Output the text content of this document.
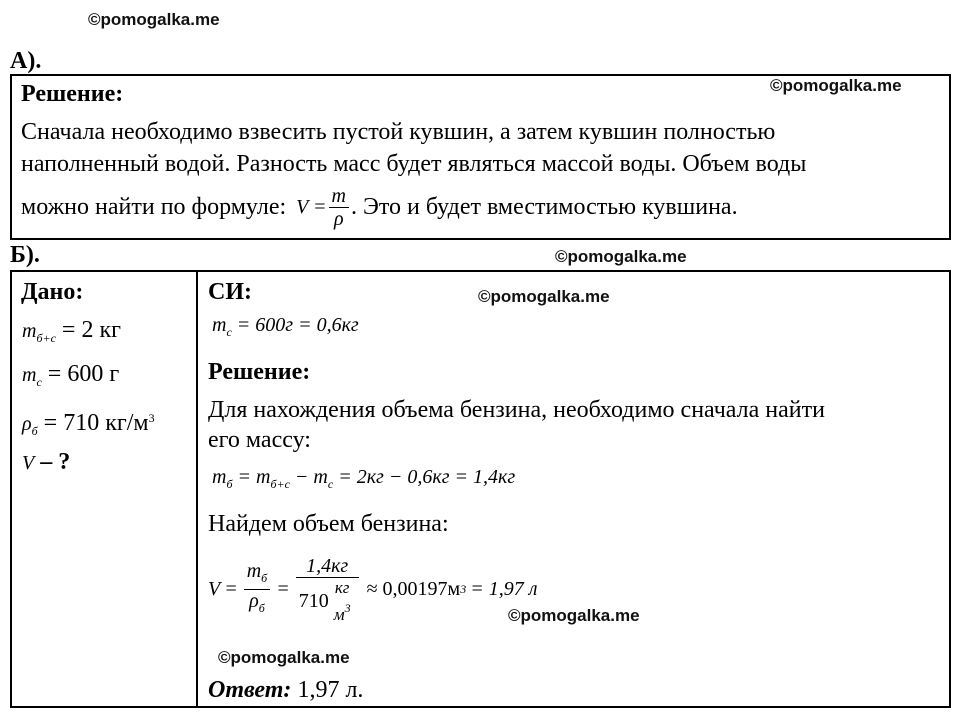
©pomogalka.me
©pomogalka.me
©pomogalka.me
©pomogalka.me
©pomogalka.me
©pomogalka.me
А).
Решение:
Сначала необходимо взвесить пустой кувшин, а затем кувшин полностью
наполненный водой. Разность масс будет являться массой воды. Объем воды
можно найти по формуле: $V = \frac{m}{\rho}$ . Это и будет вместимостью кувшина.
Б).
Дано:
$m_{б+с} = 2$ кг
$m_с = 600$ г
$\rho_б = 710$ $кг/м^3$
V – ?
СИ:
$m_с = 600г = 0,6кг$
Решение:
Для нахождения объема бензина, необходимо сначала найти
его массу:
$m_б = m_{б+с} - m_с = 2кг - 0,6кг = 1,4кг$
Найдем объем бензина:
$V = \frac{m_б}{\rho_б} = 1,4кг$
710
кг
$м^3 \approx 0,00197м$ 3 = 1,97 л
Ответ: 1,97 л.
